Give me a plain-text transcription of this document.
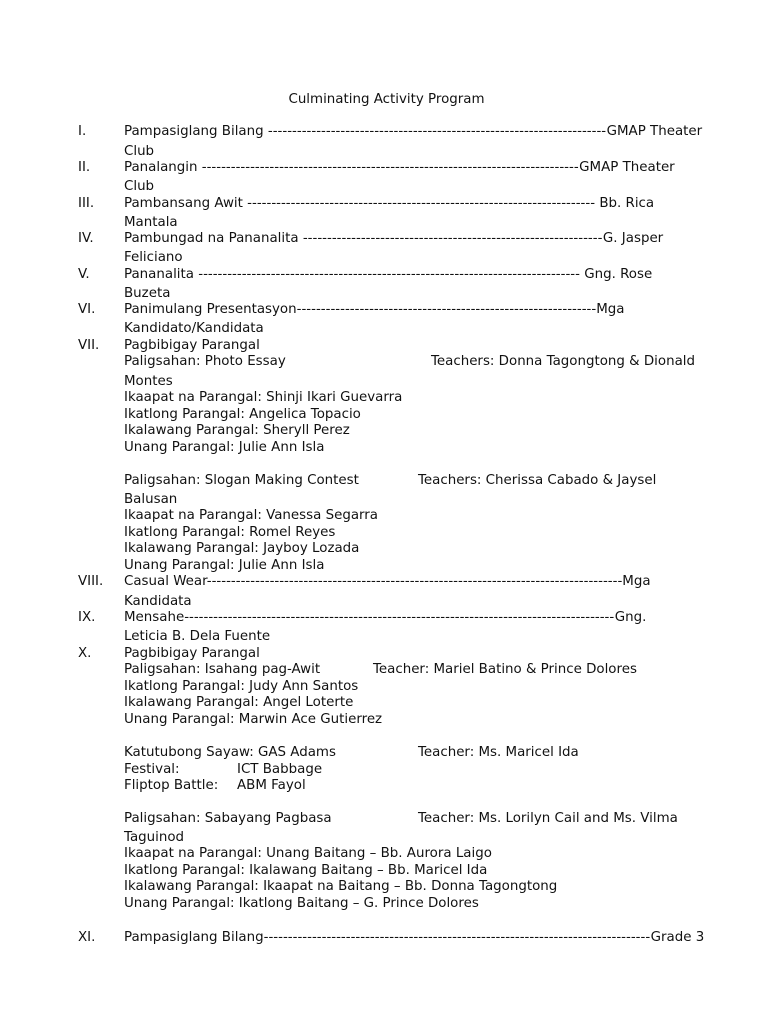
Culminating Activity Program
I.	Pampasiglang Bilang ----------------------------------------------------------------------GMAP Theater
Club
II.	Panalangin ------------------------------------------------------------------------------GMAP Theater
Club
III. Pambansang Awit ------------------------------------------------------------------------ Bb. Rica
Mantala
IV. Pambungad na Pananalita --------------------------------------------------------------G. Jasper
Feliciano
V.	Pananalita ------------------------------------------------------------------------------- Gng. Rose
Buzeta
VI. Panimulang Presentasyon--------------------------------------------------------------Mga
Kandidato/Kandidata
VII. Pagbibigay Parangal
Paligsahan: Photo Essay	Teachers: Donna Tagongtong & Dionald
Montes
Ikaapat na Parangal: Shinji Ikari Guevarra
Ikatlong Parangal: Angelica Topacio
Ikalawang Parangal: Sheryll Perez
Unang Parangal: Julie Ann Isla
Paligsahan: Slogan Making Contest	Teachers: Cherissa Cabado & Jaysel
Balusan
Ikaapat na Parangal: Vanessa Segarra
Ikatlong Parangal: Romel Reyes
Ikalawang Parangal: Jayboy Lozada
Unang Parangal: Julie Ann Isla
VIII. Casual Wear--------------------------------------------------------------------------------------Mga
Kandidata
IX. Mensahe-----------------------------------------------------------------------------------------Gng.
Leticia B. Dela Fuente
X. Pagbibigay Parangal
Paligsahan: Isahang pag-Awit	Teacher: Mariel Batino & Prince Dolores
Ikatlong Parangal: Judy Ann Santos
Ikalawang Parangal: Angel Loterte
Unang Parangal: Marwin Ace Gutierrez
Katutubong Sayaw: GAS Adams	Teacher: Ms. Maricel Ida
Festival:	ICT Babbage
Fliptop Battle: ABM Fayol
Paligsahan: Sabayang Pagbasa	Teacher: Ms. Lorilyn Cail and Ms. Vilma
Taguinod
Ikaapat na Parangal: Unang Baitang – Bb. Aurora Laigo
Ikatlong Parangal: Ikalawang Baitang – Bb. Maricel Ida
Ikalawang Parangal: Ikaapat na Baitang – Bb. Donna Tagongtong
Unang Parangal: Ikatlong Baitang – G. Prince Dolores
XI. Pampasiglang Bilang--------------------------------------------------------------------------------Grade 3
